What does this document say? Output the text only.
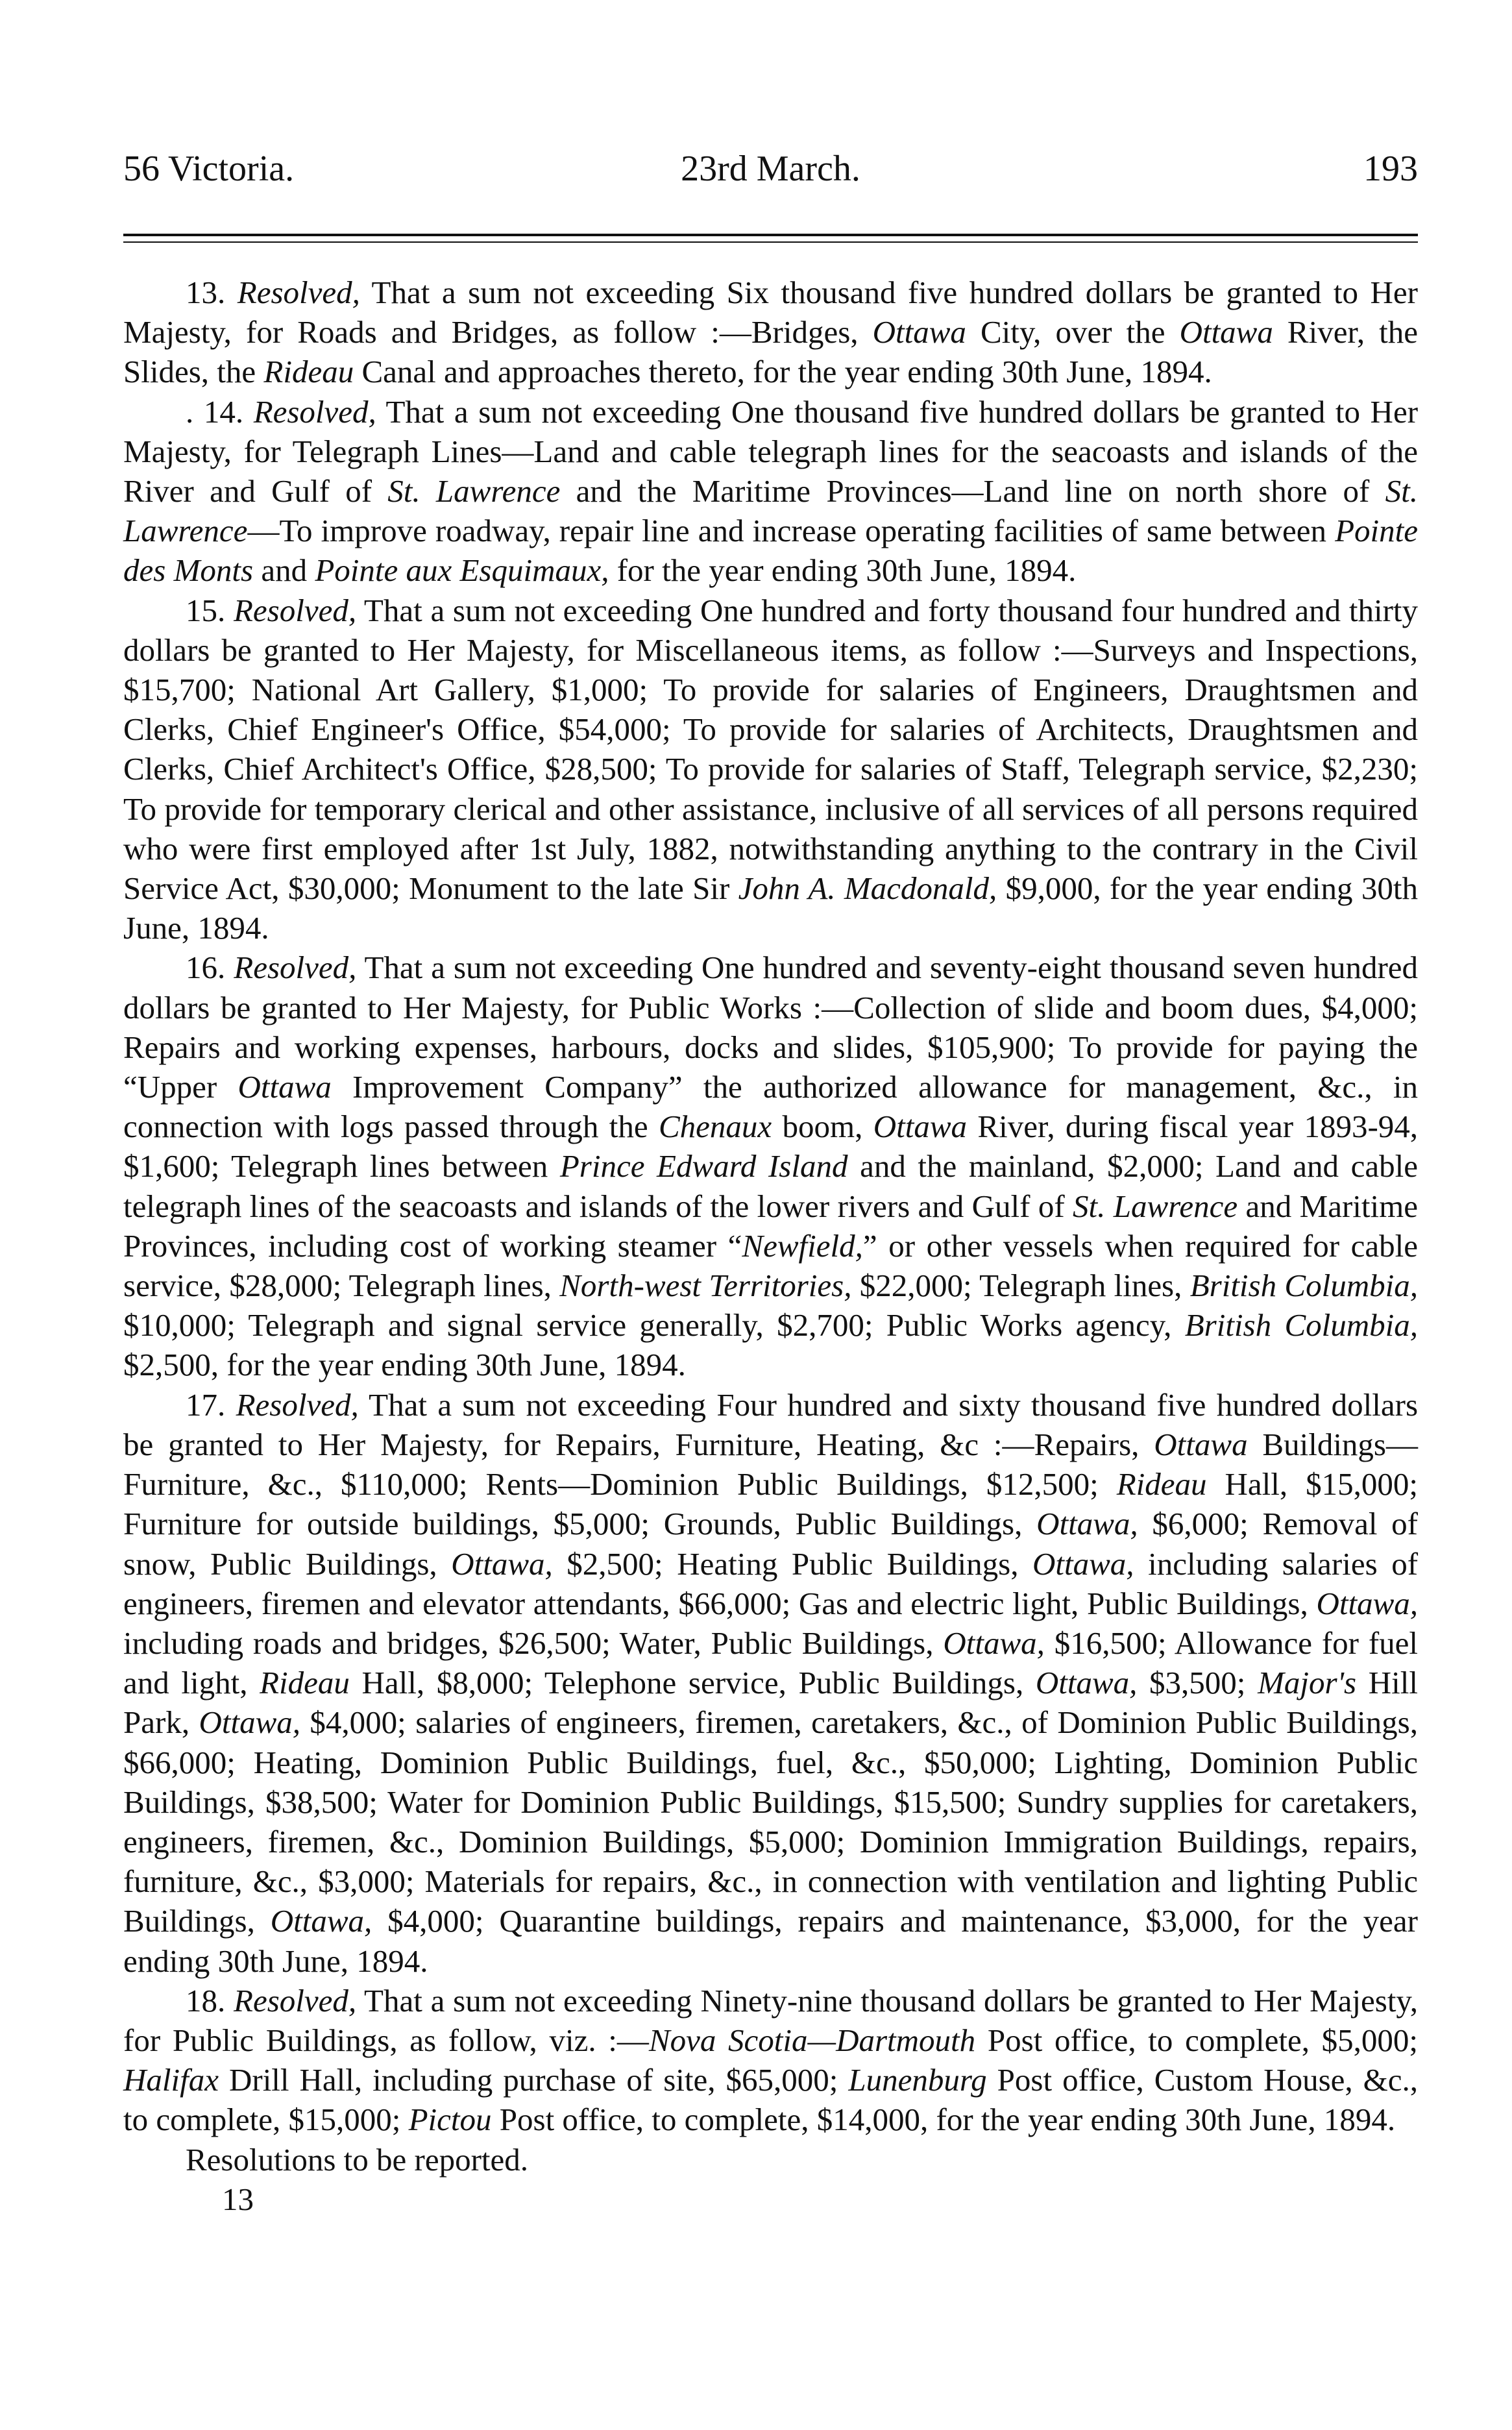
56 Victoria.	23rd March.	193

13. Resolved, That a sum not exceeding Six thousand five hundred dollars be granted to Her Majesty, for Roads and Bridges, as follow :—Bridges, Ottawa City, over the Ottawa River, the Slides, the Rideau Canal and approaches thereto, for the year ending 30th June, 1894.

. 14. Resolved, That a sum not exceeding One thousand five hundred dollars be granted to Her Majesty, for Telegraph Lines—Land and cable telegraph lines for the seacoasts and islands of the River and Gulf of St. Lawrence and the Maritime Provinces—Land line on north shore of St. Lawrence—To improve roadway, repair line and increase operating facilities of same between Pointe des Monts and Pointe aux Esquimaux, for the year ending 30th June, 1894.

15. Resolved, That a sum not exceeding One hundred and forty thousand four hundred and thirty dollars be granted to Her Majesty, for Miscellaneous items, as follow :—Surveys and Inspections, $15,700; National Art Gallery, $1,000; To provide for salaries of Engineers, Draughtsmen and Clerks, Chief Engineer's Office, $54,000; To provide for salaries of Architects, Draughtsmen and Clerks, Chief Architect's Office, $28,500; To provide for salaries of Staff, Telegraph service, $2,230; To provide for temporary clerical and other assistance, inclusive of all services of all persons required who were first employed after 1st July, 1882, notwithstanding anything to the contrary in the Civil Service Act, $30,000; Monument to the late Sir John A. Macdonald, $9,000, for the year ending 30th June, 1894.

16. Resolved, That a sum not exceeding One hundred and seventy-eight thousand seven hundred dollars be granted to Her Majesty, for Public Works :—Collection of slide and boom dues, $4,000; Repairs and working expenses, harbours, docks and slides, $105,900; To provide for paying the “Upper Ottawa Improvement Company” the authorized allowance for management, &c., in connection with logs passed through the Chenaux boom, Ottawa River, during fiscal year 1893-94, $1,600; Telegraph lines between Prince Edward Island and the mainland, $2,000; Land and cable telegraph lines of the seacoasts and islands of the lower rivers and Gulf of St. Lawrence and Maritime Provinces, including cost of working steamer “Newfield,” or other vessels when required for cable service, $28,000; Telegraph lines, North-west Territories, $22,000; Telegraph lines, British Columbia, $10,000; Telegraph and signal service generally, $2,700; Public Works agency, British Columbia, $2,500, for the year ending 30th June, 1894.

17. Resolved, That a sum not exceeding Four hundred and sixty thousand five hundred dollars be granted to Her Majesty, for Repairs, Furniture, Heating, &c :—Repairs, Ottawa Buildings—Furniture, &c., $110,000; Rents—Dominion Public Buildings, $12,500; Rideau Hall, $15,000; Furniture for outside buildings, $5,000; Grounds, Public Buildings, Ottawa, $6,000; Removal of snow, Public Buildings, Ottawa, $2,500; Heating Public Buildings, Ottawa, including salaries of engineers, firemen and elevator attendants, $66,000; Gas and electric light, Public Buildings, Ottawa, including roads and bridges, $26,500; Water, Public Buildings, Ottawa, $16,500; Allowance for fuel and light, Rideau Hall, $8,000; Telephone service, Public Buildings, Ottawa, $3,500; Major's Hill Park, Ottawa, $4,000; salaries of engineers, firemen, caretakers, &c., of Dominion Public Buildings, $66,000; Heating, Dominion Public Buildings, fuel, &c., $50,000; Lighting, Dominion Public Buildings, $38,500; Water for Dominion Public Buildings, $15,500; Sundry supplies for caretakers, engineers, firemen, &c., Dominion Buildings, $5,000; Dominion Immigration Buildings, repairs, furniture, &c., $3,000; Materials for repairs, &c., in connection with ventilation and lighting Public Buildings, Ottawa, $4,000; Quarantine buildings, repairs and maintenance, $3,000, for the year ending 30th June, 1894.

18. Resolved, That a sum not exceeding Ninety-nine thousand dollars be granted to Her Majesty, for Public Buildings, as follow, viz. :—Nova Scotia—Dartmouth Post office, to complete, $5,000; Halifax Drill Hall, including purchase of site, $65,000; Lunenburg Post office, Custom House, &c., to complete, $15,000; Pictou Post office, to complete, $14,000, for the year ending 30th June, 1894.

Resolutions to be reported.

13
